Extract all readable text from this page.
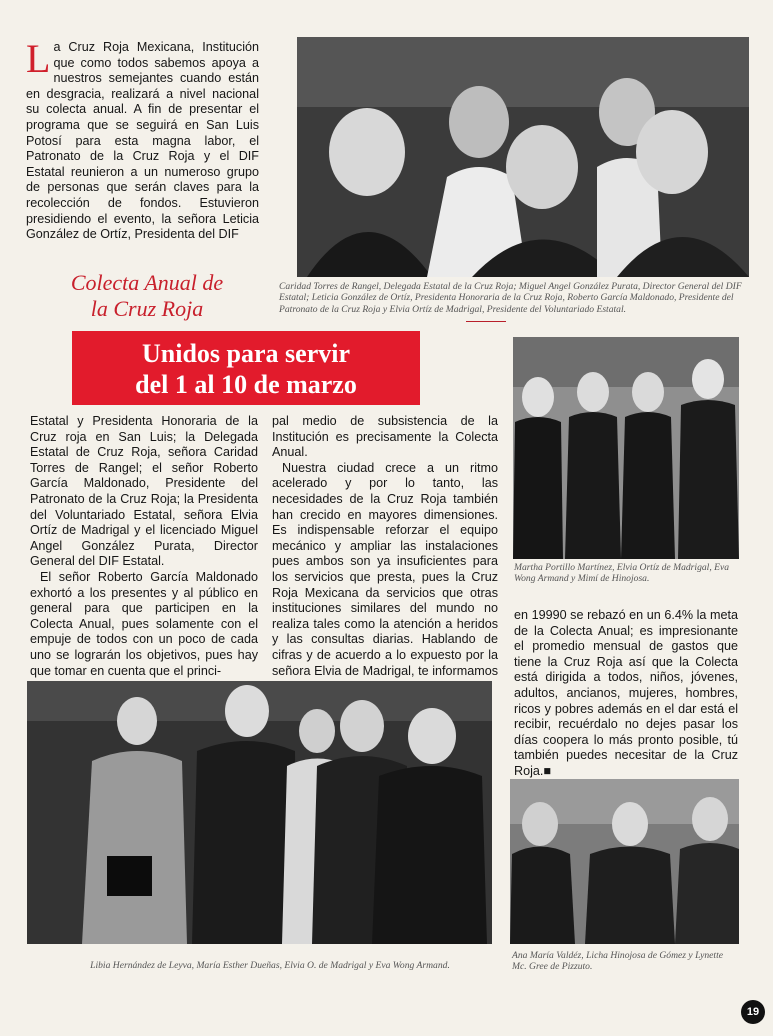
La Cruz Roja Mexicana, Institución que como todos sabemos apoya a nuestros semejantes cuando están en desgracia, realizará a nivel nacional su colecta anual. A fin de presentar el programa que se seguirá en San Luis Potosí para esta magna labor, el Patronato de la Cruz Roja y el DIF Estatal reunieron a un numeroso grupo de personas que serán claves para la recolección de fondos. Estuvieron presidiendo el evento, la señora Leticia González de Ortíz, Presidenta del DIF

Colecta Anual de

la Cruz Roja

Caridad Torres de Rangel, Delegada Estatal de la Cruz Roja; Miguel Angel González Purata, Director General del DIF Estatal; Leticia González de Ortíz, Presidenta Honoraria de la Cruz Roja, Roberto García Maldonado, Presidente del Patronato de la Cruz Roja y Elvia Ortíz de Madrigal, Presidente del Voluntariado Estatal.

Unidos para servir
del 1 al 10 de marzo

Martha Portillo Martínez, Elvia Ortíz de Madrigal, Eva Wong Armand y Mimí de Hinojosa.

Estatal y Presidenta Honoraria de la Cruz roja en San Luis; la Delegada Estatal de Cruz Roja, señora Caridad Torres de Rangel; el señor Roberto García Maldonado, Presidente del Patronato de la Cruz Roja; la Presidenta del Voluntariado Estatal, señora Elvia Ortíz de Madrigal y el licenciado Miguel Angel González Purata, Director General del DIF Estatal.

El señor Roberto García Maldonado exhortó a los presentes y al público en general para que participen en la Colecta Anual, pues solamente con el empuje de todos con un poco de cada uno se lograrán los objetivos, pues hay que tomar en cuenta que el princi-

pal medio de subsistencia de la Institución es precisamente la Colecta Anual.

Nuestra ciudad crece a un ritmo acelerado y por lo tanto, las necesidades de la Cruz Roja también han crecido en mayores dimensiones. Es indispensable reforzar el equipo mecánico y ampliar las instalaciones pues ambos son ya insuficientes para los servicios que presta, pues la Cruz Roja Mexicana da servicios que otras instituciones similares del mundo no realiza tales como la atención a heridos y las consultas diarias. Hablando de cifras y de acuerdo a lo expuesto por la señora Elvia de Madrigal, te informamos

en 19990 se rebazó en un 6.4% la meta de la Colecta Anual; es impresionante el promedio mensual de gastos que tiene la Cruz Roja así que la Colecta está dirigida a todos, niños, jóvenes, adultos, ancianos, mujeres, hombres, ricos y pobres además en el dar está el recibir, recuérdalo no dejes pasar los días coopera lo más pronto posible, tú también puedes necesitar de la Cruz Roja.■

Libia Hernández de Leyva, María Esther Dueñas, Elvia O. de Madrigal y Eva Wong Armand.

Ana María Valdéz, Licha Hinojosa de Gómez y Lynette Mc. Gree de Pizzuto.

19
